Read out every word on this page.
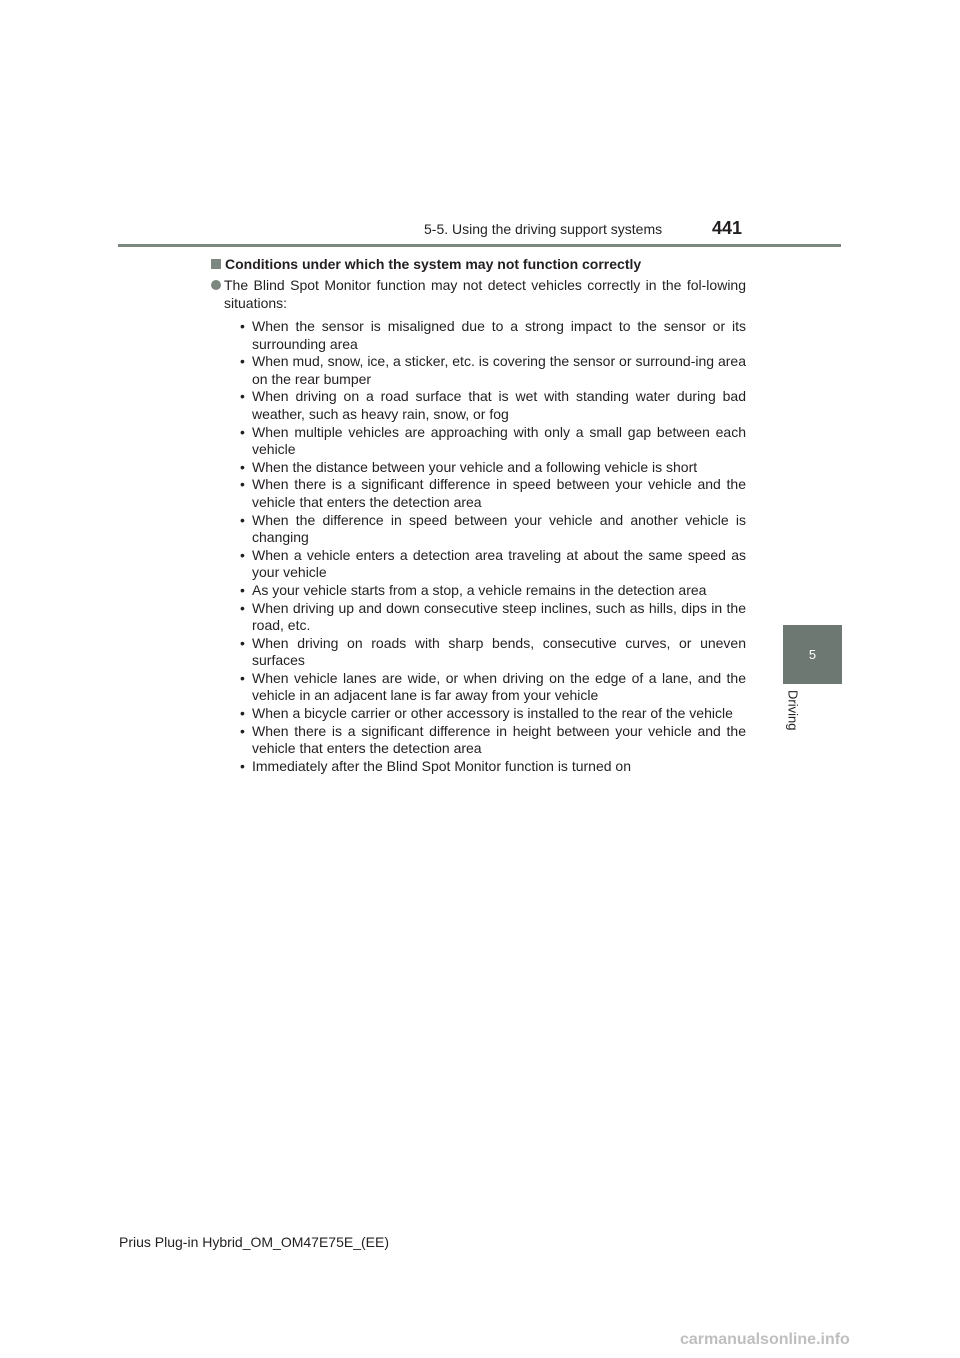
5-5. Using the driving support systems	441
5
Driving
Conditions under which the system may not function correctly
The Blind Spot Monitor function may not detect vehicles correctly in the fol-lowing situations:
• When the sensor is misaligned due to a strong impact to the sensor or its surrounding area
• When mud, snow, ice, a sticker, etc. is covering the sensor or surround-ing area on the rear bumper
• When driving on a road surface that is wet with standing water during bad weather, such as heavy rain, snow, or fog
• When multiple vehicles are approaching with only a small gap between each vehicle
• When the distance between your vehicle and a following vehicle is short
• When there is a significant difference in speed between your vehicle and the vehicle that enters the detection area
• When the difference in speed between your vehicle and another vehicle is changing
• When a vehicle enters a detection area traveling at about the same speed as your vehicle
• As your vehicle starts from a stop, a vehicle remains in the detection area
• When driving up and down consecutive steep inclines, such as hills, dips in the road, etc.
• When driving on roads with sharp bends, consecutive curves, or uneven surfaces
• When vehicle lanes are wide, or when driving on the edge of a lane, and the vehicle in an adjacent lane is far away from your vehicle
• When a bicycle carrier or other accessory is installed to the rear of the vehicle
• When there is a significant difference in height between your vehicle and the vehicle that enters the detection area
• Immediately after the Blind Spot Monitor function is turned on
Prius Plug-in Hybrid_OM_OM47E75E_(EE)
carmanualsonline.info
